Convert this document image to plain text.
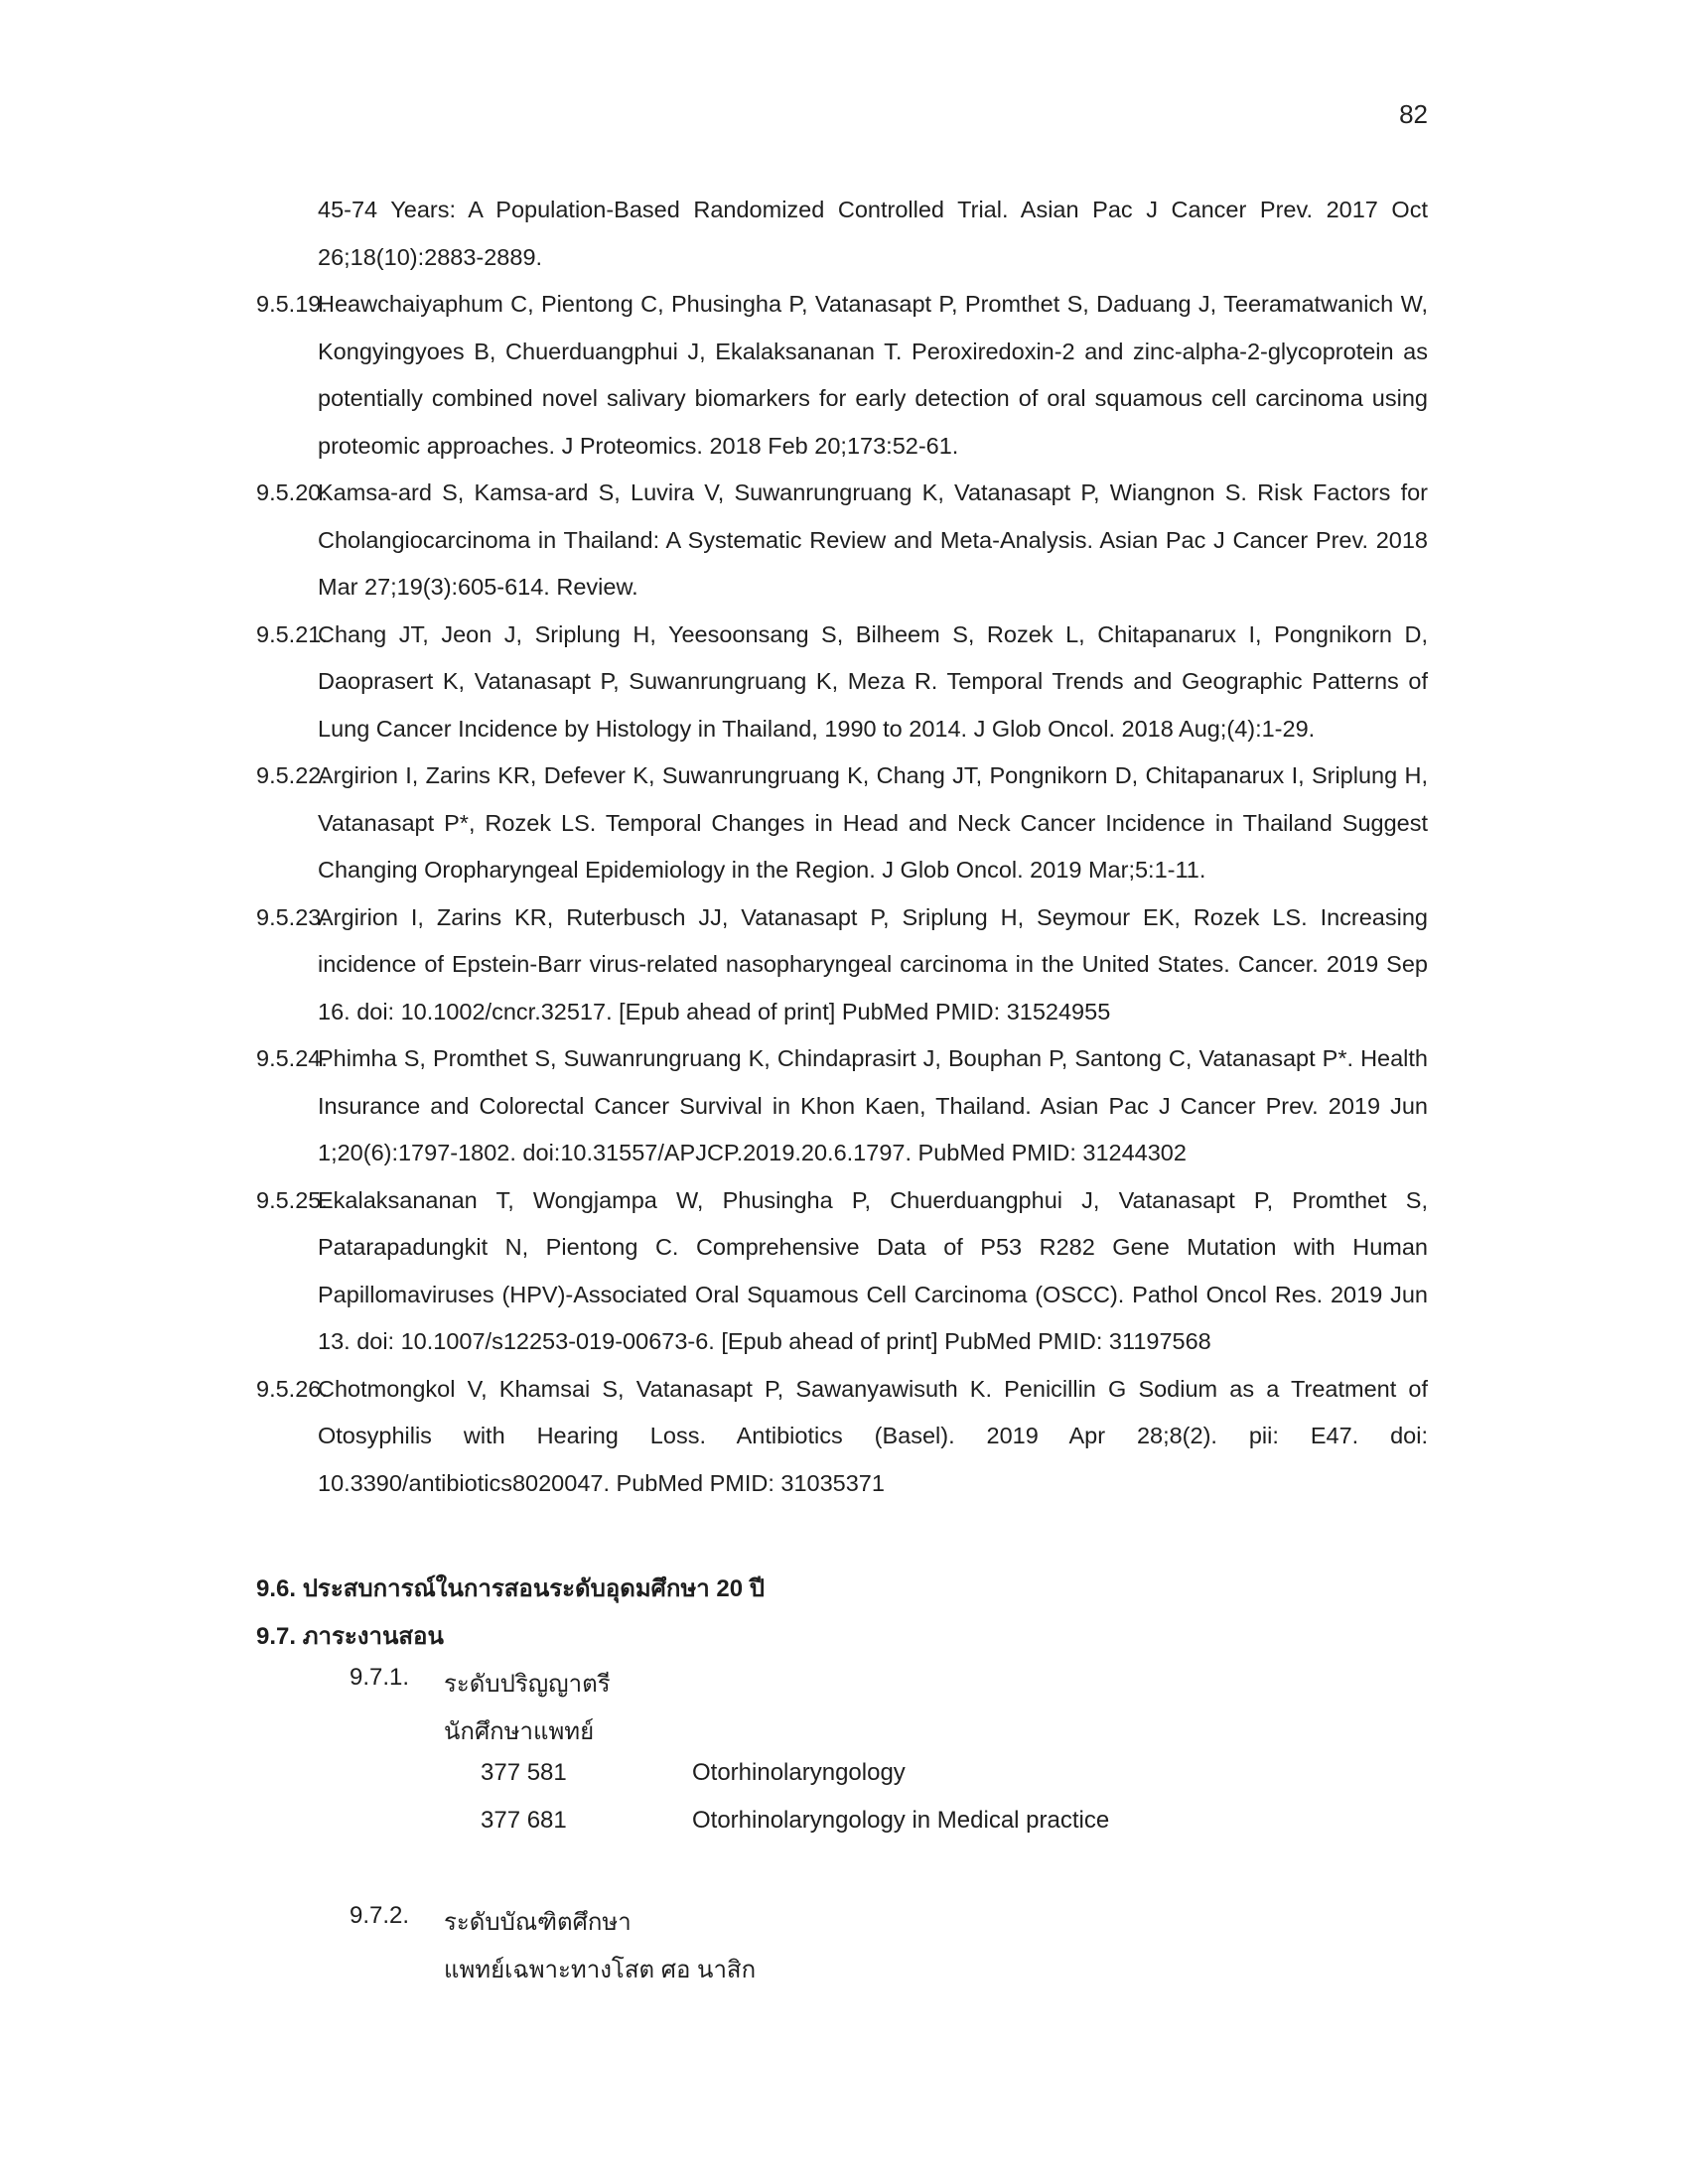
82
45-74 Years: A Population-Based Randomized Controlled Trial. Asian Pac J Cancer Prev. 2017 Oct 26;18(10):2883-2889.
9.5.19.
Heawchaiyaphum C, Pientong C, Phusingha P, Vatanasapt P, Promthet S, Daduang J, Teeramatwanich W, Kongyingyoes B, Chuerduangphui J, Ekalaksananan T. Peroxiredoxin-2 and zinc-alpha-2-glycoprotein as potentially combined novel salivary biomarkers for early detection of oral squamous cell carcinoma using proteomic approaches. J Proteomics. 2018 Feb 20;173:52-61.
9.5.20.
Kamsa-ard S, Kamsa-ard S, Luvira V, Suwanrungruang K, Vatanasapt P, Wiangnon S. Risk Factors for Cholangiocarcinoma in Thailand: A Systematic Review and Meta-Analysis. Asian Pac J Cancer Prev. 2018 Mar 27;19(3):605-614. Review.
9.5.21.
Chang JT, Jeon J, Sriplung H, Yeesoonsang S, Bilheem S, Rozek L, Chitapanarux I, Pongnikorn D, Daoprasert K, Vatanasapt P, Suwanrungruang K, Meza R. Temporal Trends and Geographic Patterns of Lung Cancer Incidence by Histology in Thailand, 1990 to 2014. J Glob Oncol. 2018 Aug;(4):1-29.
9.5.22.
Argirion I, Zarins KR, Defever K, Suwanrungruang K, Chang JT, Pongnikorn D, Chitapanarux I, Sriplung H, Vatanasapt P*, Rozek LS. Temporal Changes in Head and Neck Cancer Incidence in Thailand Suggest Changing Oropharyngeal Epidemiology in the Region. J Glob Oncol. 2019 Mar;5:1-11.
9.5.23.
Argirion I, Zarins KR, Ruterbusch JJ, Vatanasapt P, Sriplung H, Seymour EK, Rozek LS. Increasing incidence of Epstein-Barr virus-related nasopharyngeal carcinoma in the United States. Cancer. 2019 Sep 16. doi: 10.1002/cncr.32517. [Epub ahead of print] PubMed PMID: 31524955
9.5.24.
Phimha S, Promthet S, Suwanrungruang K, Chindaprasirt J, Bouphan P, Santong C, Vatanasapt P*. Health Insurance and Colorectal Cancer Survival in Khon Kaen, Thailand. Asian Pac J Cancer Prev. 2019 Jun 1;20(6):1797-1802. doi:10.31557/APJCP.2019.20.6.1797. PubMed PMID: 31244302
9.5.25.
Ekalaksananan T, Wongjampa W, Phusingha P, Chuerduangphui J, Vatanasapt P, Promthet S, Patarapadungkit N, Pientong C. Comprehensive Data of P53 R282 Gene Mutation with Human Papillomaviruses (HPV)-Associated Oral Squamous Cell Carcinoma (OSCC). Pathol Oncol Res. 2019 Jun 13. doi: 10.1007/s12253-019-00673-6. [Epub ahead of print] PubMed PMID: 31197568
9.5.26.
Chotmongkol V, Khamsai S, Vatanasapt P, Sawanyawisuth K. Penicillin G Sodium as a Treatment of Otosyphilis with Hearing Loss. Antibiotics (Basel). 2019 Apr 28;8(2). pii: E47. doi: 10.3390/antibiotics8020047. PubMed PMID: 31035371
9.6. ประสบการณ์ในการสอนระดับอุดมศึกษา 20 ปี
9.7. ภาระงานสอน
9.7.1. ระดับปริญญาตรี
นักศึกษาแพทย์
377 581	Otorhinolaryngology
377 681	Otorhinolaryngology in Medical practice
9.7.2. ระดับบัณฑิตศึกษา
แพทย์เฉพาะทางโสต ศอ นาสิก
